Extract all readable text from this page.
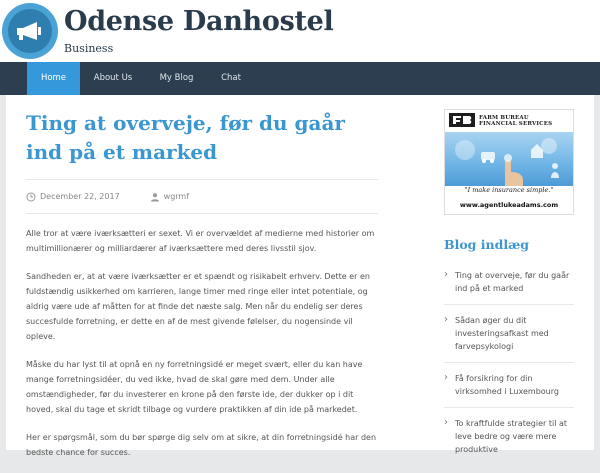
Odense Danhostel
Business
Home	About Us	My Blog	Chat
Ting at overveje, før du gaår ind på et marked
December 22, 2017	wgrmf

Alle tror at være iværksætteri er sexet. Vi er overvældet af medierne med historier om multimillionærer og milliardærer af iværksættere med deres livsstil sjov.

Sandheden er, at at være iværksætter er et spændt og risikabelt erhverv. Dette er en fuldstændig usikkerhed om karrieren, lange timer med ringe eller intet potentiale, og aldrig være ude af måtten for at finde det næste salg. Men når du endelig ser deres succesfulde forretning, er dette en af de mest givende følelser, du nogensinde vil opleve.

Måske du har lyst til at opnå en ny forretningsidé er meget svært, eller du kan have mange forretningsidéer, du ved ikke, hvad de skal gøre med dem. Under alle omstændigheder, før du investerer en krone på den første ide, der dukker op i dit hoved, skal du tage et skridt tilbage og vurdere praktikken af din ide på markedet.

Her er spørgsmål, som du bør spørge dig selv om at sikre, at din forretningsidé har den bedste chance for succes.

FARM BUREAU
FINANCIAL SERVICES
"I make insurance simple."
www.agentlukeadams.com
Blog indlæg
› Ting at overveje, før du gaår ind på et marked
› Sådan øger du dit investeringsafkast med farvepsykologi
› Få forsikring for din virksomhed i Luxembourg
› To kraftfulde strategier til at leve bedre og være mere produktive
